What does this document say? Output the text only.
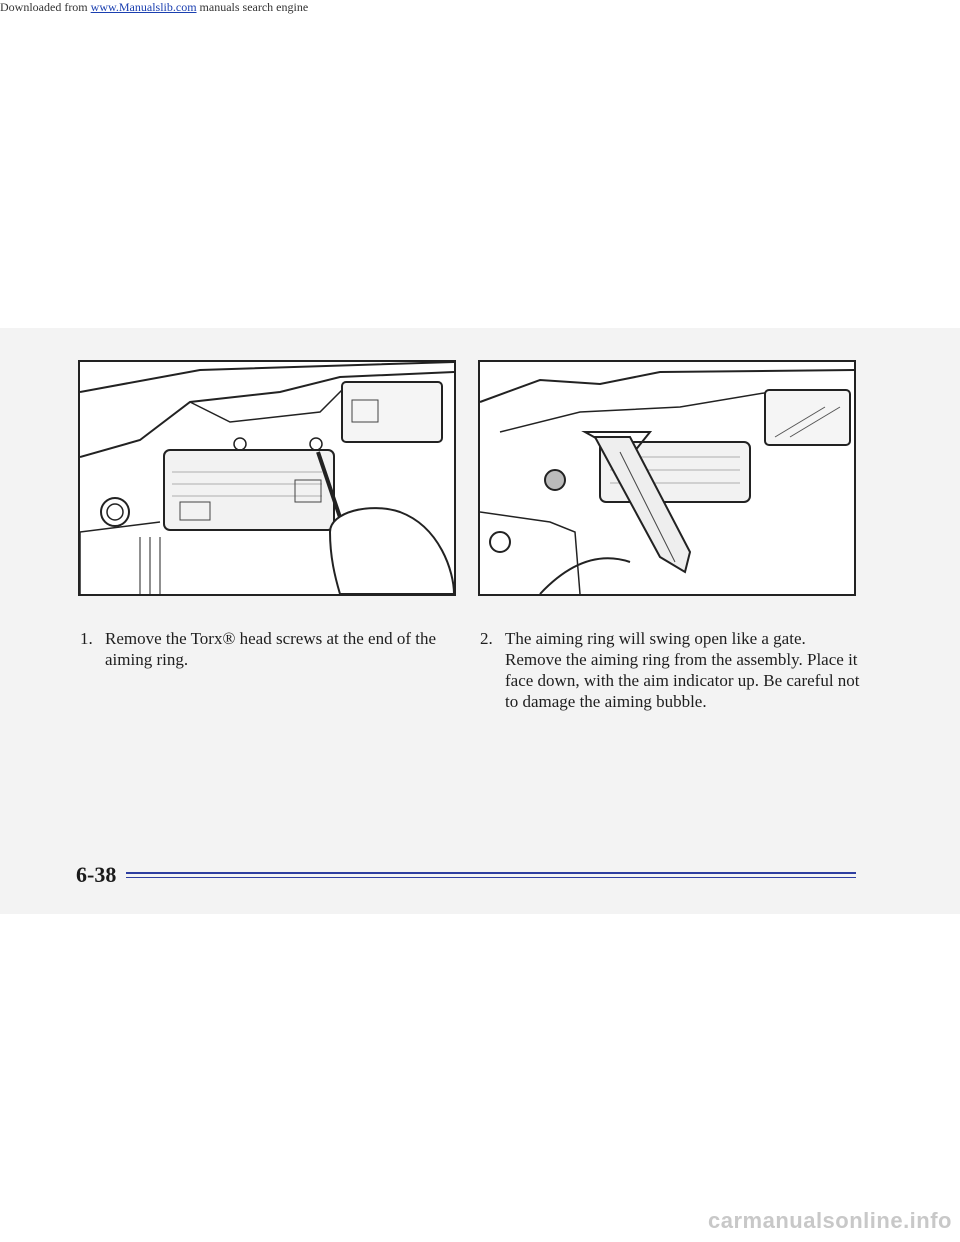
Downloaded from www.Manualslib.com manuals search engine
1. Remove the Torx® head screws at the end of the aiming ring.
2. The aiming ring will swing open like a gate. Remove the aiming ring from the assembly. Place it face down, with the aim indicator up. Be careful not to damage the aiming bubble.
6-38
carmanualsonline.info
